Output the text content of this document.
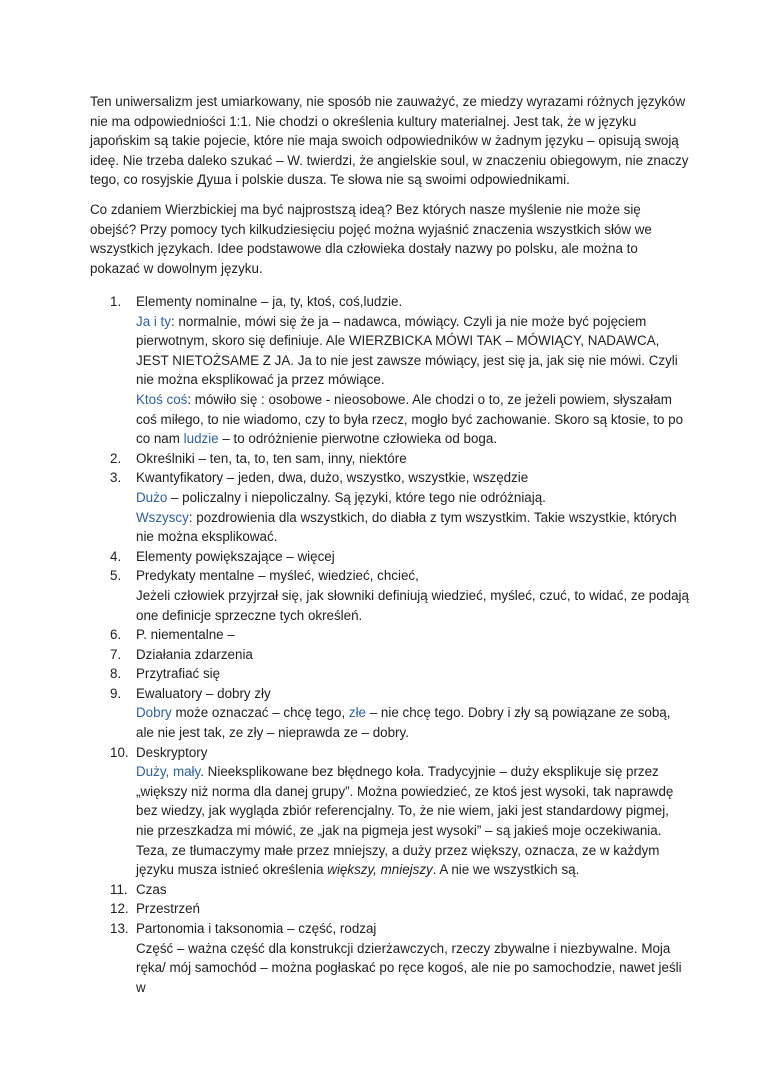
Ten uniwersalizm jest umiarkowany, nie sposób nie zauważyć, ze miedzy wyrazami różnych języków nie ma odpowiedniości 1:1. Nie chodzi o określenia kultury materialnej. Jest tak, że w języku japońskim są takie pojecie, które nie maja swoich odpowiedników w żadnym języku – opisują swoją ideę. Nie trzeba daleko szukać – W. twierdzi, że angielskie soul, w znaczeniu obiegowym, nie znaczy tego, co rosyjskie Душа i polskie dusza. Te słowa nie są swoimi odpowiednikami.

Co zdaniem Wierzbickiej ma być najprostszą ideą? Bez których nasze myślenie nie może się obejść? Przy pomocy tych kilkudziesięciu pojęć można wyjaśnić znaczenia wszystkich słów we wszystkich językach. Idee podstawowe dla człowieka dostały nazwy po polsku, ale można to pokazać w dowolnym języku.

1. Elementy nominalne – ja, ty, ktoś, coś,ludzie.
Ja i ty: normalnie, mówi się że ja – nadawca, mówiący. Czyli ja nie może być pojęciem pierwotnym, skoro się definiuje. Ale WIERZBICKA MÓWI TAK – MÓWIĄCY, NADAWCA, JEST NIETOŻSAME Z JA. Ja to nie jest zawsze mówiący, jest się ja, jak się nie mówi. Czyli nie można eksplikować ja przez mówiące.
Ktoś coś: mówiło się : osobowe - nieosobowe. Ale chodzi o to, ze jeżeli powiem, słyszałam coś miłego, to nie wiadomo, czy to była rzecz, mogło być zachowanie. Skoro są ktosie, to po co nam ludzie – to odróżnienie pierwotne człowieka od boga.
2. Określniki – ten, ta, to, ten sam, inny, niektóre
3. Kwantyfikatory – jeden, dwa, dużo, wszystko, wszystkie, wszędzie
Dużo – policzalny i niepoliczalny. Są języki, które tego nie odróżniają.
Wszyscy: pozdrowienia dla wszystkich, do diabła z tym wszystkim. Takie wszystkie, których nie można eksplikować.
4. Elementy powiększające – więcej
5. Predykaty mentalne – myśleć, wiedzieć, chcieć,
Jeżeli człowiek przyjrzał się, jak słowniki definiują wiedzieć, myśleć, czuć, to widać, ze podają one definicje sprzeczne tych określeń.
6. P. niementalne –
7. Działania zdarzenia
8. Przytrafiać się
9. Ewaluatory – dobry zły
Dobry może oznaczać – chcę tego, złe – nie chcę tego. Dobry i zły są powiązane ze sobą, ale nie jest tak, ze zły – nieprawda ze – dobry.
10. Deskryptory
Duży, mały. Nieeksplikowane bez błędnego koła. Tradycyjnie – duży eksplikuje się przez „większy niż norma dla danej grupy”. Można powiedzieć, ze ktoś jest wysoki, tak naprawdę bez wiedzy, jak wygląda zbiór referencjalny. To, że nie wiem, jaki jest standardowy pigmej, nie przeszkadza mi mówić, ze „jak na pigmeja jest wysoki” – są jakieś moje oczekiwania. Teza, ze tłumaczymy małe przez mniejszy, a duży przez większy, oznacza, ze w każdym języku musza istnieć określenia większy, mniejszy. A nie we wszystkich są.
11. Czas
12. Przestrzeń
13. Partonomia i taksonomia – część, rodzaj
Część – ważna część dla konstrukcji dzierżawczych, rzeczy zbywalne i niezbywalne. Moja ręka/ mój samochód – można pogłaskać po ręce kogoś, ale nie po samochodzie, nawet jeśli w
